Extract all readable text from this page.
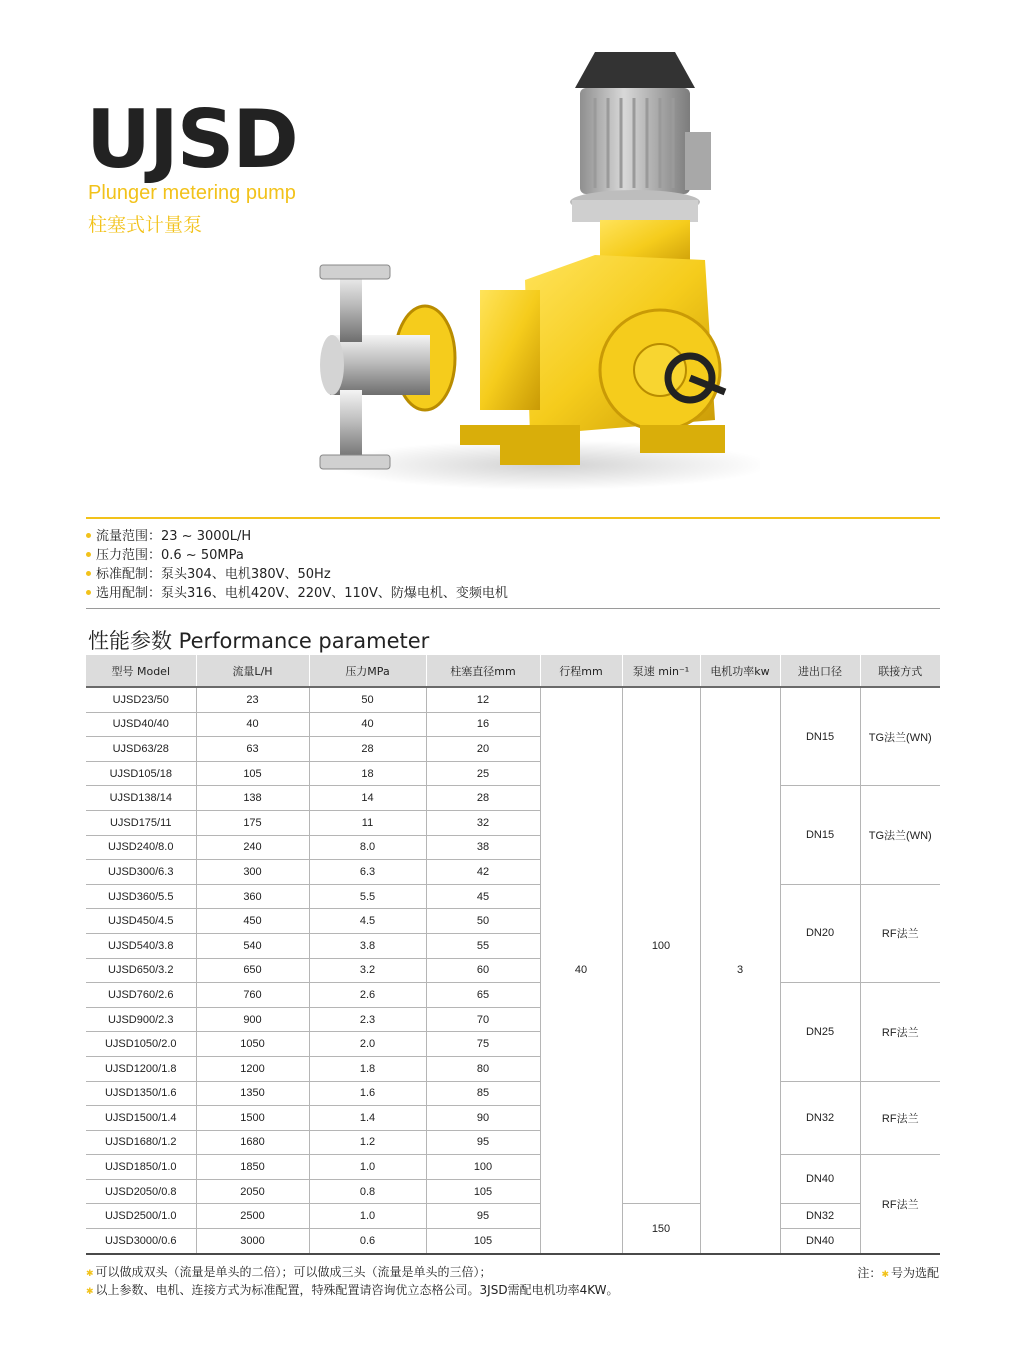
UJSD
Plunger metering pump
柱塞式计量泵
流量范围：23 ~ 3000L/H
压力范围：0.6 ~ 50MPa
标准配制：泵头304、电机380V、50Hz
选用配制：泵头316、电机420V、220V、110V、防爆电机、变频电机
性能参数 Performance parameter
型号 Model	流量L/H	压力MPa	柱塞直径mm	行程mm	泵速 min⁻¹	电机功率kw	进出口径	联接方式
UJSD23/50	23	50	12	40	100	3	DN15	TG法兰(WN)
UJSD40/40	40	40	16					
UJSD63/28	63	28	20					
UJSD105/18	105	18	25					
UJSD138/14	138	14	28				DN15	TG法兰(WN)
UJSD175/11	175	11	32					
UJSD240/8.0	240	8.0	38					
UJSD300/6.3	300	6.3	42					
UJSD360/5.5	360	5.5	45				DN20	RF法兰
UJSD450/4.5	450	4.5	50					
UJSD540/3.8	540	3.8	55					
UJSD650/3.2	650	3.2	60					
UJSD760/2.6	760	2.6	65				DN25	RF法兰
UJSD900/2.3	900	2.3	70					
UJSD1050/2.0	1050	2.0	75					
UJSD1200/1.8	1200	1.8	80					
UJSD1350/1.6	1350	1.6	85				DN32	RF法兰
UJSD1500/1.4	1500	1.4	90					
UJSD1680/1.2	1680	1.2	95					
UJSD1850/1.0	1850	1.0	100				DN40	RF法兰
UJSD2050/0.8	2050	0.8	105					
UJSD2500/1.0	2500	1.0	95		150		DN32	
UJSD3000/0.6	3000	0.6	105				DN40	
✱ 可以做成双头（流量是单头的二倍）；可以做成三头（流量是单头的三倍）；
✱ 以上参数、电机、连接方式为标准配置，特殊配置请咨询优立态格公司。3JSD需配电机功率4KW。
注：✱ 号为选配
